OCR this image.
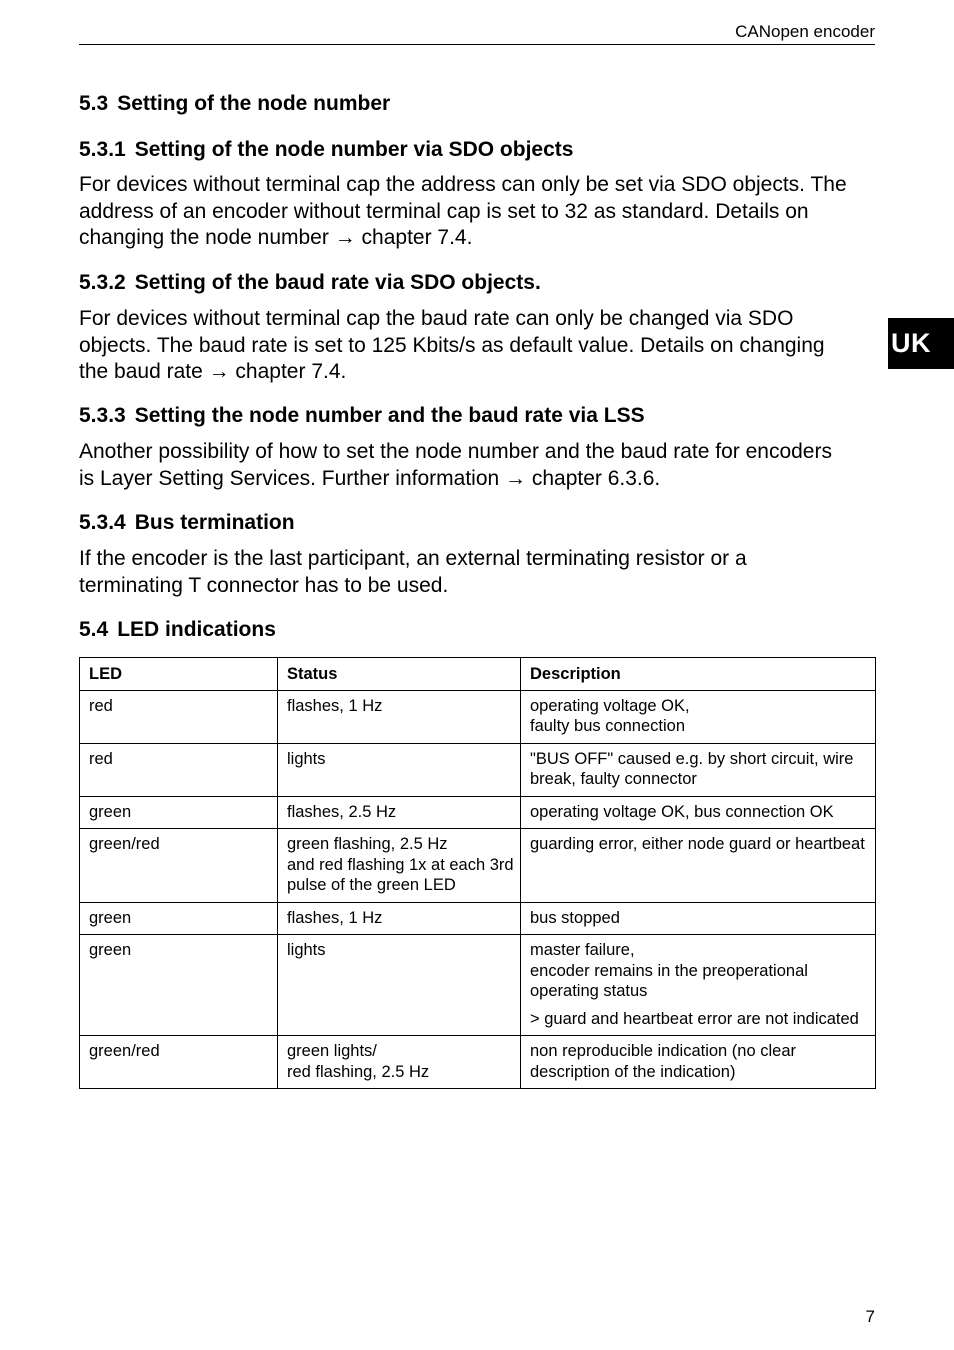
CANopen encoder
UK
5.3 Setting of the node number
5.3.1 Setting of the node number via SDO objects
For devices without terminal cap the address can only be set via SDO objects. The
address of an encoder without terminal cap is set to 32 as standard. Details on
changing the node number → chapter 7.4.
5.3.2 Setting of the baud rate via SDO objects.
For devices without terminal cap the baud rate can only be changed via SDO
objects. The baud rate is set to 125 Kbits/s as default value. Details on changing
the baud rate → chapter 7.4.
5.3.3 Setting the node number and the baud rate via LSS
Another possibility of how to set the node number and the baud rate for encoders
is Layer Setting Services. Further information → chapter 6.3.6.
5.3.4 Bus termination
If the encoder is the last participant, an external terminating resistor or a
terminating T connector has to be used.
5.4 LED indications
LED	Status	Description
red	flashes, 1 Hz	operating voltage OK,
faulty bus connection

red	lights	"BUS OFF" caused e.g. by short circuit, wire
break, faulty connector

green	flashes, 2.5 Hz	operating voltage OK, bus connection OK

green/red	green flashing, 2.5 Hz
and red flashing 1x at each 3rd
pulse of the green LED	guarding error, either node guard or heartbeat

green	flashes, 1 Hz	bus stopped

green	lights	master failure,
encoder remains in the preoperational
operating status
> guard and heartbeat error are not indicated

green/red	green lights/
red flashing, 2.5 Hz	non reproducible indication (no clear
description of the indication)
7
